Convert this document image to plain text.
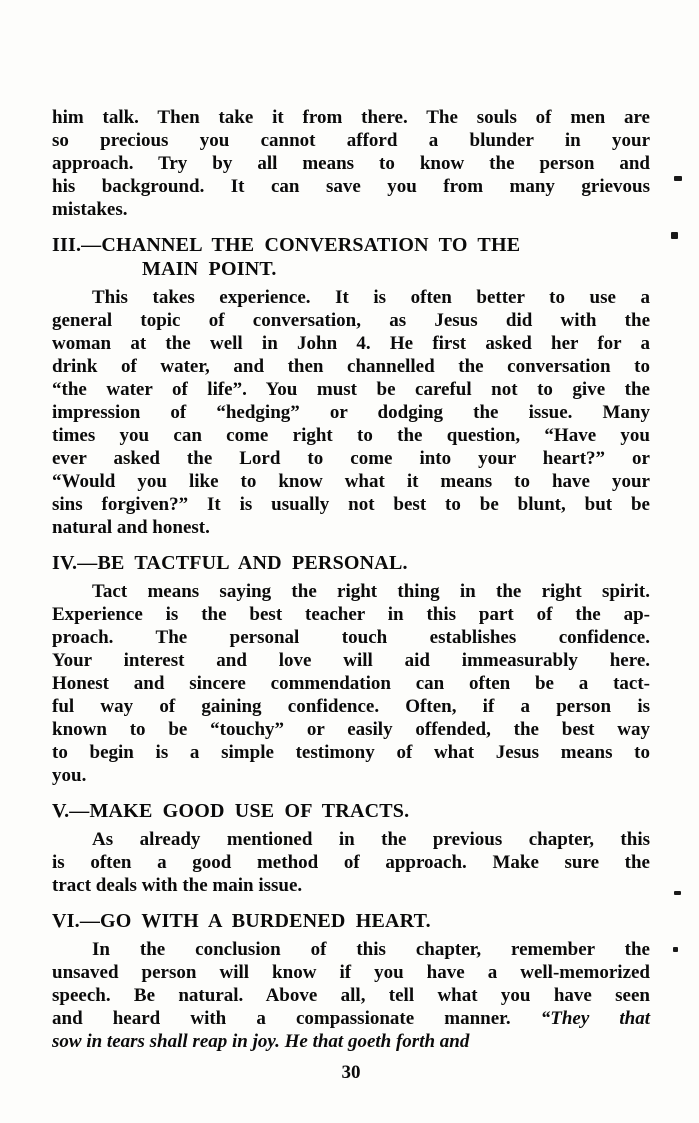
him talk. Then take it from there. The souls of men are
so precious you cannot afford a blunder in your
approach. Try by all means to know the person and
his background. It can save you from many grievous
mistakes.
III.—CHANNEL THE CONVERSATION TO THE
MAIN POINT.
This takes experience. It is often better to use a
general topic of conversation, as Jesus did with the
woman at the well in John 4. He first asked her for a
drink of water, and then channelled the conversation to
“the water of life”. You must be careful not to give the
impression of “hedging” or dodging the issue. Many
times you can come right to the question, “Have you
ever asked the Lord to come into your heart?” or
“Would you like to know what it means to have your
sins forgiven?” It is usually not best to be blunt, but be
natural and honest.
IV.—BE TACTFUL AND PERSONAL.
Tact means saying the right thing in the right spirit.
Experience is the best teacher in this part of the ap-
proach. The personal touch establishes confidence.
Your interest and love will aid immeasurably here.
Honest and sincere commendation can often be a tact-
ful way of gaining confidence. Often, if a person is
known to be “touchy” or easily offended, the best way
to begin is a simple testimony of what Jesus means to
you.
V.—MAKE GOOD USE OF TRACTS.
As already mentioned in the previous chapter, this
is often a good method of approach. Make sure the
tract deals with the main issue.
VI.—GO WITH A BURDENED HEART.
In the conclusion of this chapter, remember the
unsaved person will know if you have a well-memorized
speech. Be natural. Above all, tell what you have seen
and heard with a compassionate manner. “They that
sow in tears shall reap in joy. He that goeth forth and
30
